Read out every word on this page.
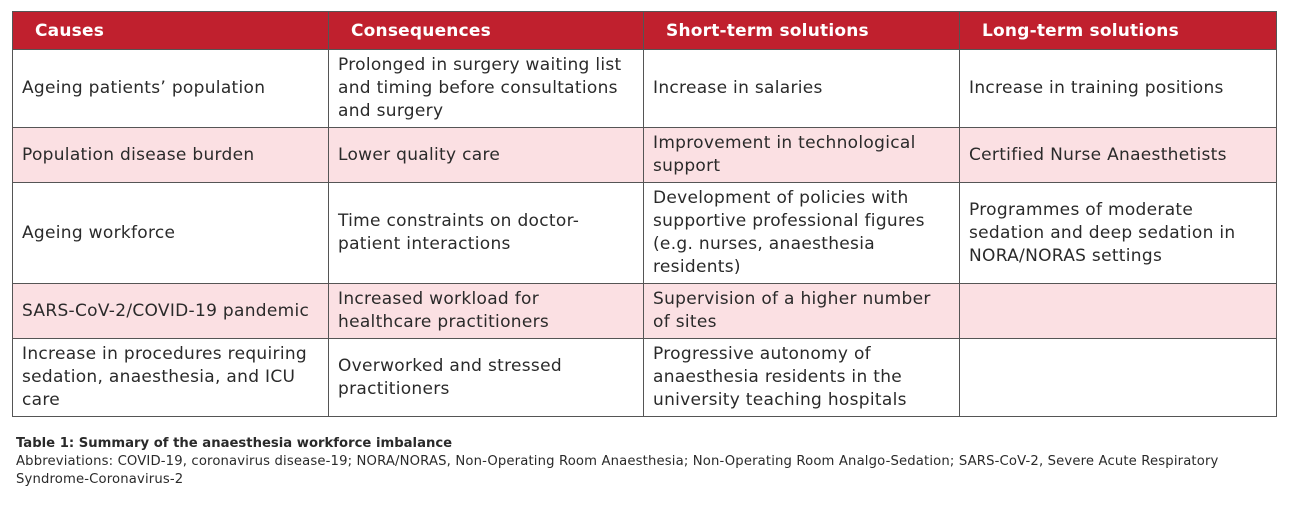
Causes	Consequences	Short-term solutions	Long-term solutions
Ageing patients’ population	Prolonged in surgery waiting list and timing before consultations and surgery	Increase in salaries	Increase in training positions
Population disease burden	Lower quality care	Improvement in technological support	Certified Nurse Anaesthetists
Ageing workforce	Time constraints on doctor-patient interactions	Development of policies with supportive professional figures (e.g. nurses, anaesthesia residents)	Programmes of moderate sedation and deep sedation in NORA/NORAS settings
SARS-CoV-2/COVID-19 pandemic	Increased workload for healthcare practitioners	Supervision of a higher number of sites	
Increase in procedures requiring sedation, anaesthesia, and ICU care	Overworked and stressed practitioners	Progressive autonomy of anaesthesia residents in the university teaching hospitals	
Table 1: Summary of the anaesthesia workforce imbalance
Abbreviations: COVID-19, coronavirus disease-19; NORA/NORAS, Non-Operating Room Anaesthesia; Non-Operating Room Analgo-Sedation; SARS-CoV-2, Severe Acute Respiratory Syndrome-Coronavirus-2
